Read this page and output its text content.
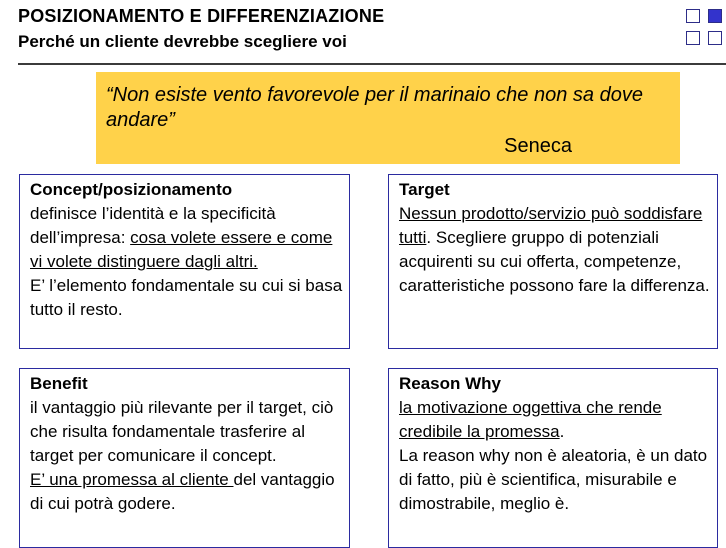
POSIZIONAMENTO E DIFFERENZIAZIONE
Perché un cliente devrebbe scegliere voi
“Non esiste vento favorevole per il marinaio che non sa dove andare”
Seneca
Concept/posizionamento
definisce l’identità e la specificità dell’impresa: cosa volete essere e come vi volete distinguere dagli altri.
E’ l’elemento fondamentale su cui si basa tutto il resto.
Target
Nessun prodotto/servizio può soddisfare tutti. Scegliere gruppo di potenziali acquirenti su cui offerta, competenze, caratteristiche possono fare la differenza.
Benefit
il vantaggio più rilevante per il target, ciò che risulta fondamentale trasferire al target per comunicare il concept.
E’ una promessa al cliente del vantaggio di cui potrà godere.
Reason Why
la motivazione oggettiva che rende credibile la promessa.
La reason why non è aleatoria, è un dato di fatto, più è scientifica, misurabile e dimostrabile, meglio è.
